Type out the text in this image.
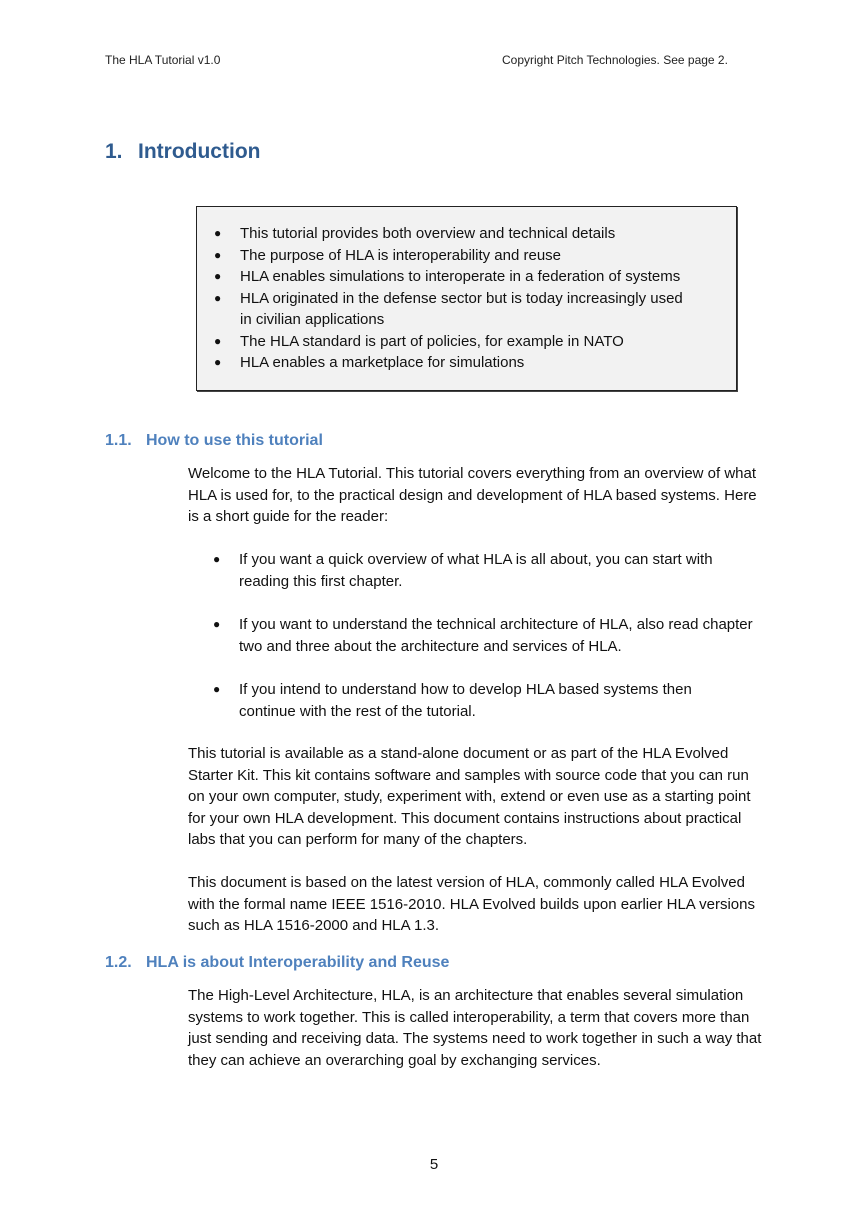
The HLA Tutorial v1.0	Copyright Pitch Technologies. See page 2.
1. Introduction
● This tutorial provides both overview and technical details
● The purpose of HLA is interoperability and reuse
● HLA enables simulations to interoperate in a federation of systems
● HLA originated in the defense sector but is today increasingly used in civilian applications
● The HLA standard is part of policies, for example in NATO
● HLA enables a marketplace for simulations
1.1. How to use this tutorial

Welcome to the HLA Tutorial. This tutorial covers everything from an overview of what HLA is used for, to the practical design and development of HLA based systems. Here is a short guide for the reader:

● If you want a quick overview of what HLA is all about, you can start with reading this first chapter.
● If you want to understand the technical architecture of HLA, also read chapter two and three about the architecture and services of HLA.
● If you intend to understand how to develop HLA based systems then continue with the rest of the tutorial.

This tutorial is available as a stand-alone document or as part of the HLA Evolved Starter Kit. This kit contains software and samples with source code that you can run on your own computer, study, experiment with, extend or even use as a starting point for your own HLA development. This document contains instructions about practical labs that you can perform for many of the chapters.

This document is based on the latest version of HLA, commonly called HLA Evolved with the formal name IEEE 1516-2010. HLA Evolved builds upon earlier HLA versions such as HLA 1516-2000 and HLA 1.3.

1.2. HLA is about Interoperability and Reuse

The High-Level Architecture, HLA, is an architecture that enables several simulation systems to work together. This is called interoperability, a term that covers more than just sending and receiving data. The systems need to work together in such a way that they can achieve an overarching goal by exchanging services.

5
